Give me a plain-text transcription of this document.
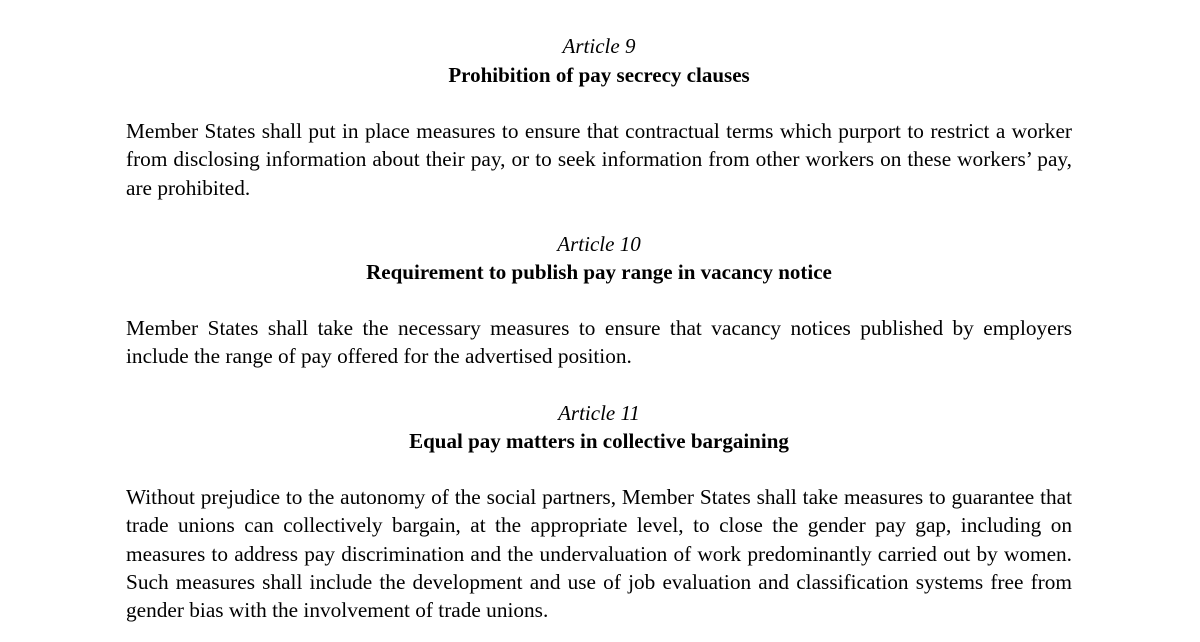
Article 9
Prohibition of pay secrecy clauses

Member States shall put in place measures to ensure that contractual terms which purport to restrict a worker from disclosing information about their pay, or to seek information from other workers on these workers’ pay, are prohibited.

Article 10
Requirement to publish pay range in vacancy notice

Member States shall take the necessary measures to ensure that vacancy notices published by employers include the range of pay offered for the advertised position.

Article 11
Equal pay matters in collective bargaining

Without prejudice to the autonomy of the social partners, Member States shall take measures to guarantee that trade unions can collectively bargain, at the appropriate level, to close the gender pay gap, including on measures to address pay discrimination and the undervaluation of work predominantly carried out by women. Such measures shall include the development and use of job evaluation and classification systems free from gender bias with the involvement of trade unions.
